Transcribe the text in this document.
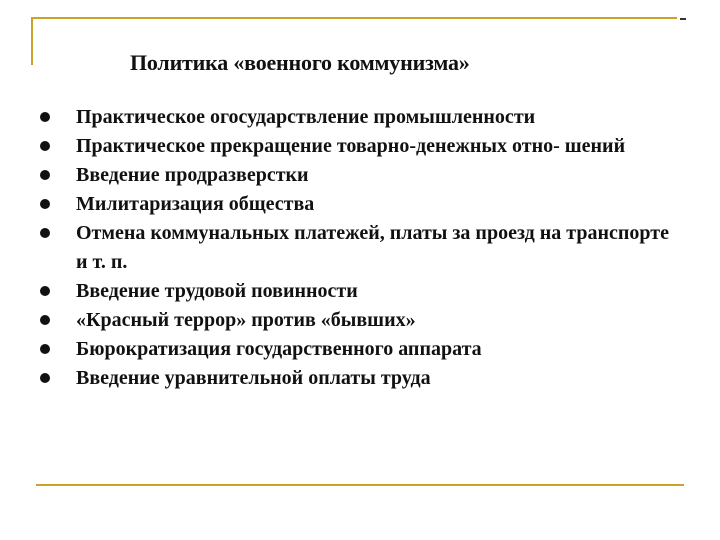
Политика «военного коммунизма»
Практическое огосударствление промышленности
Практическое прекращение товарно-денежных отно- шений
Введение продразверстки
Милитаризация общества
Отмена коммунальных платежей, платы за проезд на транспорте и т. п.
Введение трудовой повинности
«Красный террор» против «бывших»
Бюрократизация государственного аппарата
Введение уравнительной оплаты труда
